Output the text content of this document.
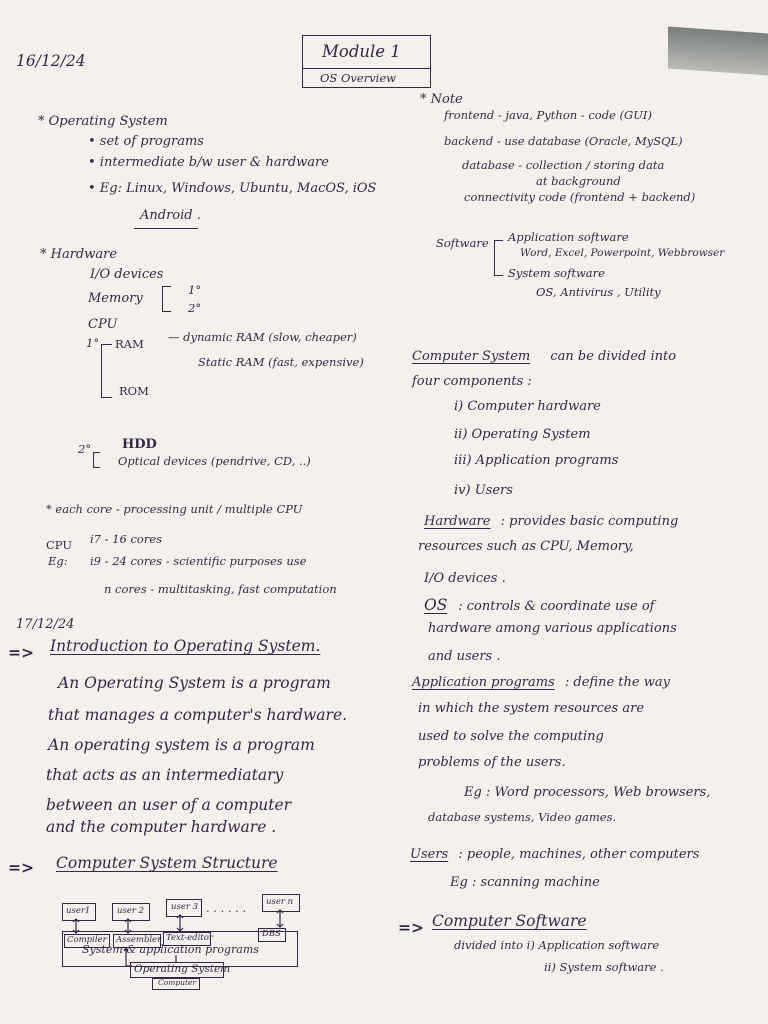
16/12/24	Module 1
OS Overview
* Operating System
• set of programs
• intermediate b/w user & hardware
• Eg: Linux, Windows, Ubuntu, MacOS, iOS
Android .
* Hardware
I/O devices
Memory
1°
2°
CPU
1° RAM
ROM
— dynamic RAM (slow, cheaper)
Static RAM (fast, expensive)
2° HDD
Optical devices (pendrive, CD, ..)
* each core - processing unit / multiple CPU
CPU
Eg:
i7 - 16 cores
i9 - 24 cores - scientific purposes use
n cores - multitasking, fast computation
17/12/24
=> Introduction to Operating System.
An Operating System is a program
that manages a computer's hardware.
An operating system is a program
that acts as an intermediatary
between an user of a computer
and the computer hardware .
=> Computer System Structure
user1	user 2	user 3 . . . . . . user n
Compiler Assembler Text-editor	DBS
System & application programs
Operating System
Computer
* Note
frontend - java, Python - code (GUI)
backend - use database (Oracle, MySQL)
database - collection / storing data
at background
connectivity code (frontend + backend)
Software Application software
Word, Excel, Powerpoint, Webbrowser
System software
OS, Antivirus , Utility
Computer System can be divided into
four components :
i) Computer hardware
ii) Operating System
iii) Application programs
iv) Users
Hardware : provides basic computing
resources such as CPU, Memory,
I/O devices .
OS : controls & coordinate use of
hardware among various applications
and users .
Application programs : define the way
in which the system resources are
used to solve the computing
problems of the users.
Eg : Word processors, Web browsers,
database systems, Video games.
Users : people, machines, other computers
Eg : scanning machine
=> Computer Software
divided into i) Application software
ii) System software .
